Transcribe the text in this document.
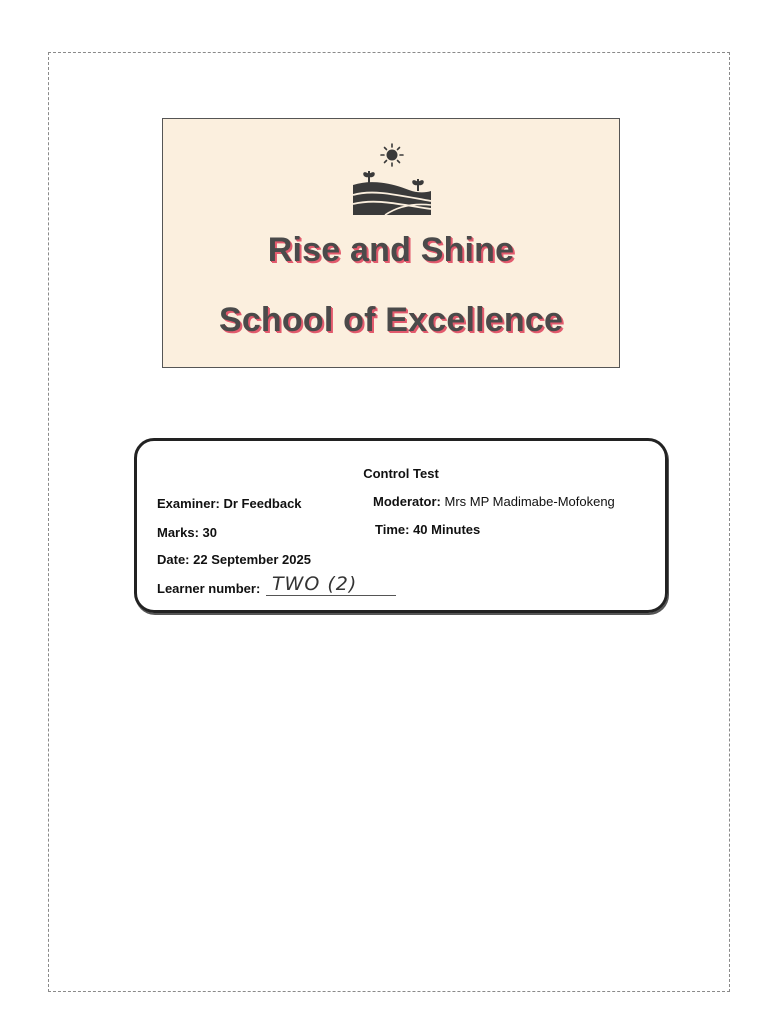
Rise and Shine
School of Excellence
Control Test
Examiner: Dr Feedback	Moderator: Mrs MP Madimabe-Mofokeng
Marks: 30	Time: 40 Minutes
Date: 22 September 2025
Learner number: TWO (2)
